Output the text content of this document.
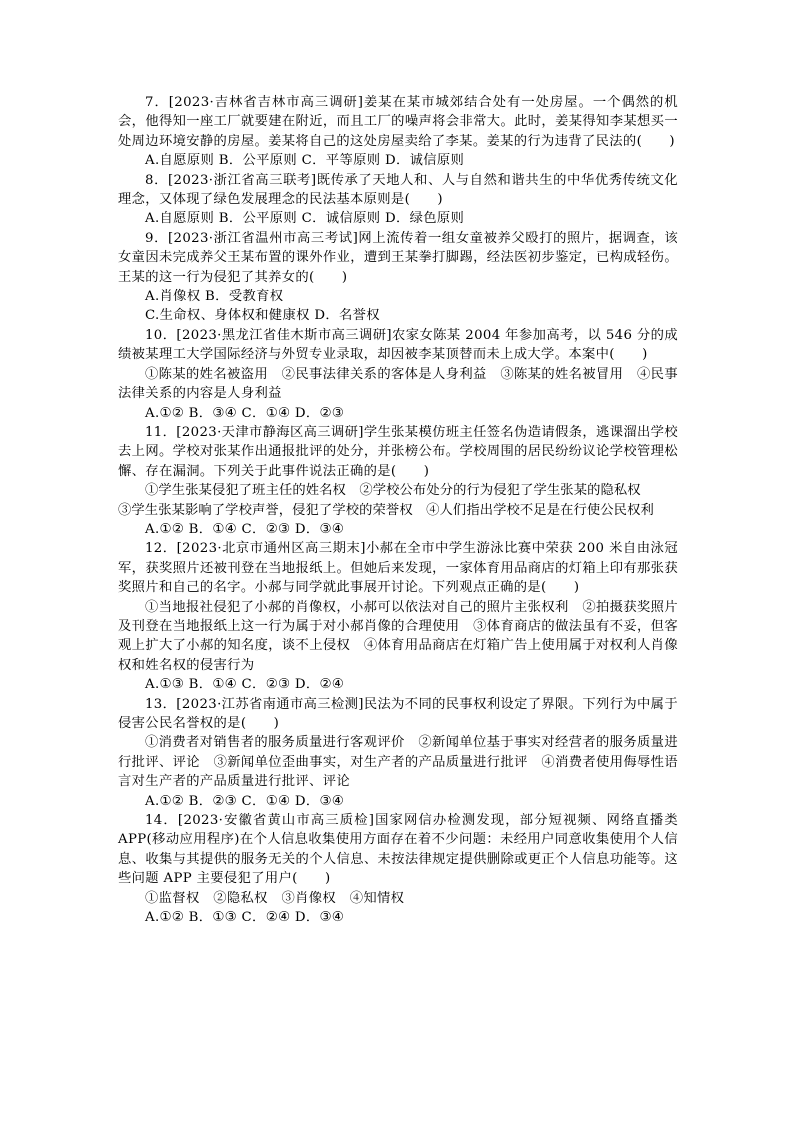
7．[2023·吉林省吉林市高三调研]姜某在某市城郊结合处有一处房屋。一个偶然的机会，他得知一座工厂就要建在附近，而且工厂的噪声将会非常大。此时，姜某得知李某想买一处周边环境安静的房屋。姜某将自己的这处房屋卖给了李某。姜某的行为违背了民法的(　　)
A.自愿原则 B．公平原则 C．平等原则 D．诚信原则
8．[2023·浙江省高三联考]既传承了天地人和、人与自然和谐共生的中华优秀传统文化理念，又体现了绿色发展理念的民法基本原则是(　　)
A.自愿原则 B．公平原则 C．诚信原则 D．绿色原则
9．[2023·浙江省温州市高三考试]网上流传着一组女童被养父殴打的照片，据调查，该女童因未完成养父王某布置的课外作业，遭到王某拳打脚踢，经法医初步鉴定，已构成轻伤。王某的这一行为侵犯了其养女的(　　)
A.肖像权 B．受教育权
C.生命权、身体权和健康权 D．名誉权
10．[2023·黑龙江省佳木斯市高三调研]农家女陈某 2004 年参加高考，以 546 分的成绩被某理工大学国际经济与外贸专业录取，却因被李某顶替而未上成大学。本案中(　　)
①陈某的姓名被盗用　②民事法律关系的客体是人身利益　③陈某的姓名被冒用　④民事法律关系的内容是人身利益
A.①② B．③④ C．①④ D．②③
11．[2023·天津市静海区高三调研]学生张某模仿班主任签名伪造请假条，逃课溜出学校去上网。学校对张某作出通报批评的处分，并张榜公布。学校周围的居民纷纷议论学校管理松懈、存在漏洞。下列关于此事件说法正确的是(　　)
①学生张某侵犯了班主任的姓名权　②学校公布处分的行为侵犯了学生张某的隐私权
③学生张某影响了学校声誉，侵犯了学校的荣誉权　④人们指出学校不足是在行使公民权利
A.①② B．①④ C．②③ D．③④
12．[2023·北京市通州区高三期末]小郝在全市中学生游泳比赛中荣获 200 米自由泳冠军，获奖照片还被刊登在当地报纸上。但她后来发现，一家体育用品商店的灯箱上印有那张获奖照片和自己的名字。小郝与同学就此事展开讨论。下列观点正确的是(　　)
①当地报社侵犯了小郝的肖像权，小郝可以依法对自己的照片主张权利　②拍摄获奖照片及刊登在当地报纸上这一行为属于对小郝肖像的合理使用　③体育商店的做法虽有不妥，但客观上扩大了小郝的知名度，谈不上侵权　④体育用品商店在灯箱广告上使用属于对权利人肖像权和姓名权的侵害行为
A.①③ B．①④ C．②③ D．②④
13．[2023·江苏省南通市高三检测]民法为不同的民事权利设定了界限。下列行为中属于侵害公民名誉权的是(　　)
①消费者对销售者的服务质量进行客观评价　②新闻单位基于事实对经营者的服务质量进行批评、评论　③新闻单位歪曲事实，对生产者的产品质量进行批评　④消费者使用侮辱性语言对生产者的产品质量进行批评、评论
A.①② B．②③ C．①④ D．③④
14．[2023·安徽省黄山市高三质检]国家网信办检测发现，部分短视频、网络直播类 APP(移动应用程序)在个人信息收集使用方面存在着不少问题：未经用户同意收集使用个人信息、收集与其提供的服务无关的个人信息、未按法律规定提供删除或更正个人信息功能等。这些问题 APP 主要侵犯了用户(　　)
①监督权　②隐私权　③肖像权　④知情权
A.①② B．①③ C．②④ D．③④
